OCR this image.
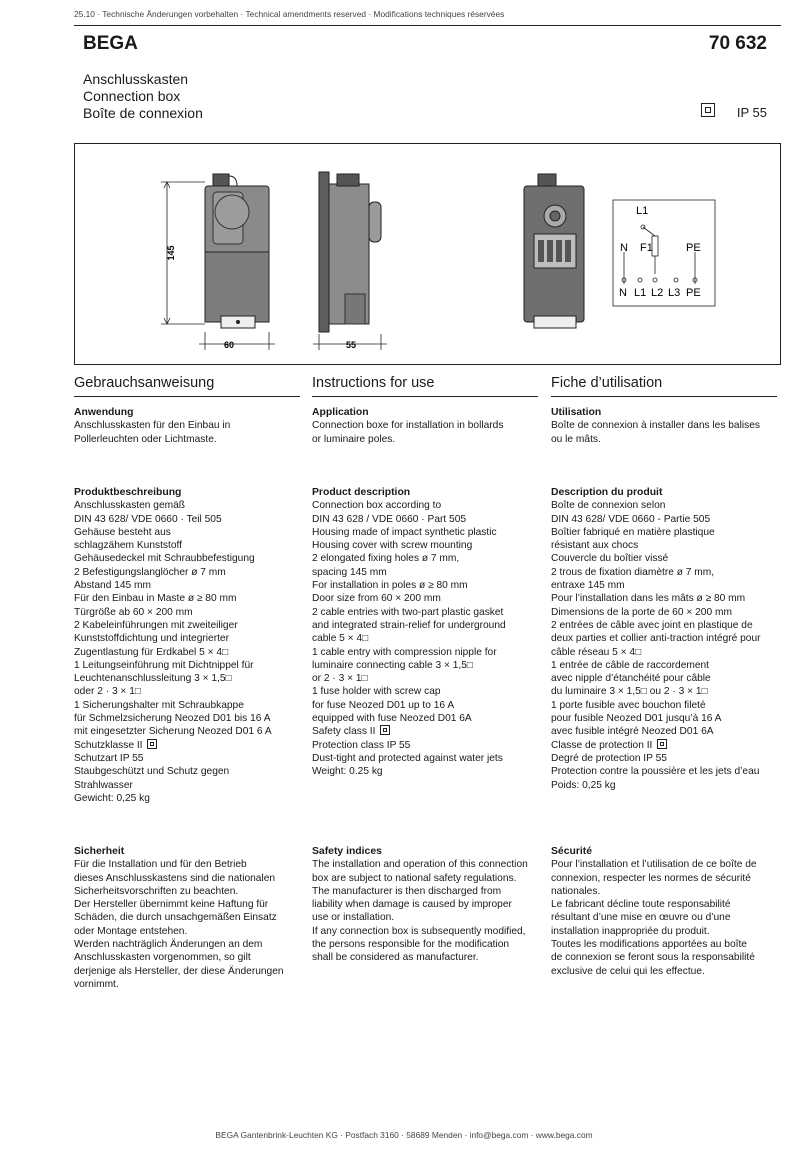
25.10 · Technische Änderungen vorbehalten · Technical amendments reserved · Modifications techniques réservées
BEGA	70 632
Anschlusskasten
Connection box
Boîte de connexion	IP 55
145
60	55
L1
N F1	PE
N L1 L2 L3 PE
Gebrauchsanweisung	Instructions for use	Fiche d’utilisation
Anwendung
Anschlusskasten für den Einbau in
Pollerleuchten oder Lichtmaste.
Produktbeschreibung
Anschlusskasten gemäß
DIN 43 628/ VDE 0660 · Teil 505
Gehäuse besteht aus
schlagzähem Kunststoff
Gehäusedeckel mit Schraubbefestigung
2 Befestigungslanglöcher ø 7 mm
Abstand 145 mm
Für den Einbau in Maste ø ≥ 80 mm
Türgröße ab 60 × 200 mm
2 Kabeleinführungen mit zweiteiliger
Kunststoffdichtung und integrierter
Zugentlastung für Erdkabel 5 × 4□
1 Leitungseinführung mit Dichtnippel für
Leuchtenanschlussleitung 3 × 1,5□
oder 2 · 3 × 1□
1 Sicherungshalter mit Schraubkappe
für Schmelzsicherung Neozed D01 bis 16 A
mit eingesetzter Sicherung Neozed D01 6 A
Schutzklasse II
Schutzart IP 55
Staubgeschützt und Schutz gegen
Strahlwasser
Gewicht: 0,25 kg
Sicherheit
Für die Installation und für den Betrieb
dieses Anschlusskastens sind die nationalen
Sicherheitsvorschriften zu beachten.
Der Hersteller übernimmt keine Haftung für
Schäden, die durch unsachgemäßen Einsatz
oder Montage entstehen.
Werden nachträglich Änderungen an dem
Anschlusskasten vorgenommen, so gilt
derjenige als Hersteller, der diese Änderungen
vornimmt.
Application
Connection boxe for installation in bollards
or luminaire poles.
Product description
Connection box according to
DIN 43 628 / VDE 0660 · Part 505
Housing made of impact synthetic plastic
Housing cover with screw mounting
2 elongated fixing holes ø 7 mm,
spacing 145 mm
For installation in poles ø ≥ 80 mm
Door size from 60 × 200 mm
2 cable entries with two-part plastic gasket
and integrated strain-relief for underground
cable 5 × 4□
1 cable entry with compression nipple for
luminaire connecting cable 3 × 1,5□
or 2 · 3 × 1□
1 fuse holder with screw cap
for fuse Neozed D01 up to 16 A
equipped with fuse Neozed D01 6A
Safety class II
Protection class IP 55
Dust-tight and protected against water jets
Weight: 0.25 kg
Safety indices
The installation and operation of this connection
box are subject to national safety regulations.
The manufacturer is then discharged from
liability when damage is caused by improper
use or installation.
If any connection box is subsequently modified,
the persons responsible for the modification
shall be considered as manufacturer.
Utilisation
Boîte de connexion à installer dans les balises
ou le mâts.
Description du produit
Boîte de connexion selon
DIN 43 628/ VDE 0660 - Partie 505
Boîtier fabriqué en matière plastique
résistant aux chocs
Couvercle du boîtier vissé
2 trous de fixation diamètre ø 7 mm,
entraxe 145 mm
Pour l’installation dans les mâts ø ≥ 80 mm
Dimensions de la porte de 60 × 200 mm
2 entrées de câble avec joint en plastique de
deux parties et collier anti-traction intégré pour
câble réseau 5 × 4□
1 entrée de câble de raccordement
avec nipple d’étanchéité pour câble
du luminaire 3 × 1,5□ ou 2 · 3 × 1□
1 porte fusible avec bouchon fileté
pour fusible Neozed D01 jusqu’à 16 A
avec fusible intégré Neozed D01 6A
Classe de protection II
Degré de protection IP 55
Protection contre la poussière et les jets d’eau
Poids: 0,25 kg
Sécurité
Pour l’installation et l’utilisation de ce boîte de
connexion, respecter les normes de sécurité
nationales.
Le fabricant décline toute responsabilité
résultant d’une mise en œuvre ou d’une
installation inappropriée du produit.
Toutes les modifications apportées au boîte
de connexion se feront sous la responsabilité
exclusive de celui qui les effectue.
BEGA Gantenbrink-Leuchten KG · Postfach 3160 · 58689 Menden · info@bega.com · www.bega.com
